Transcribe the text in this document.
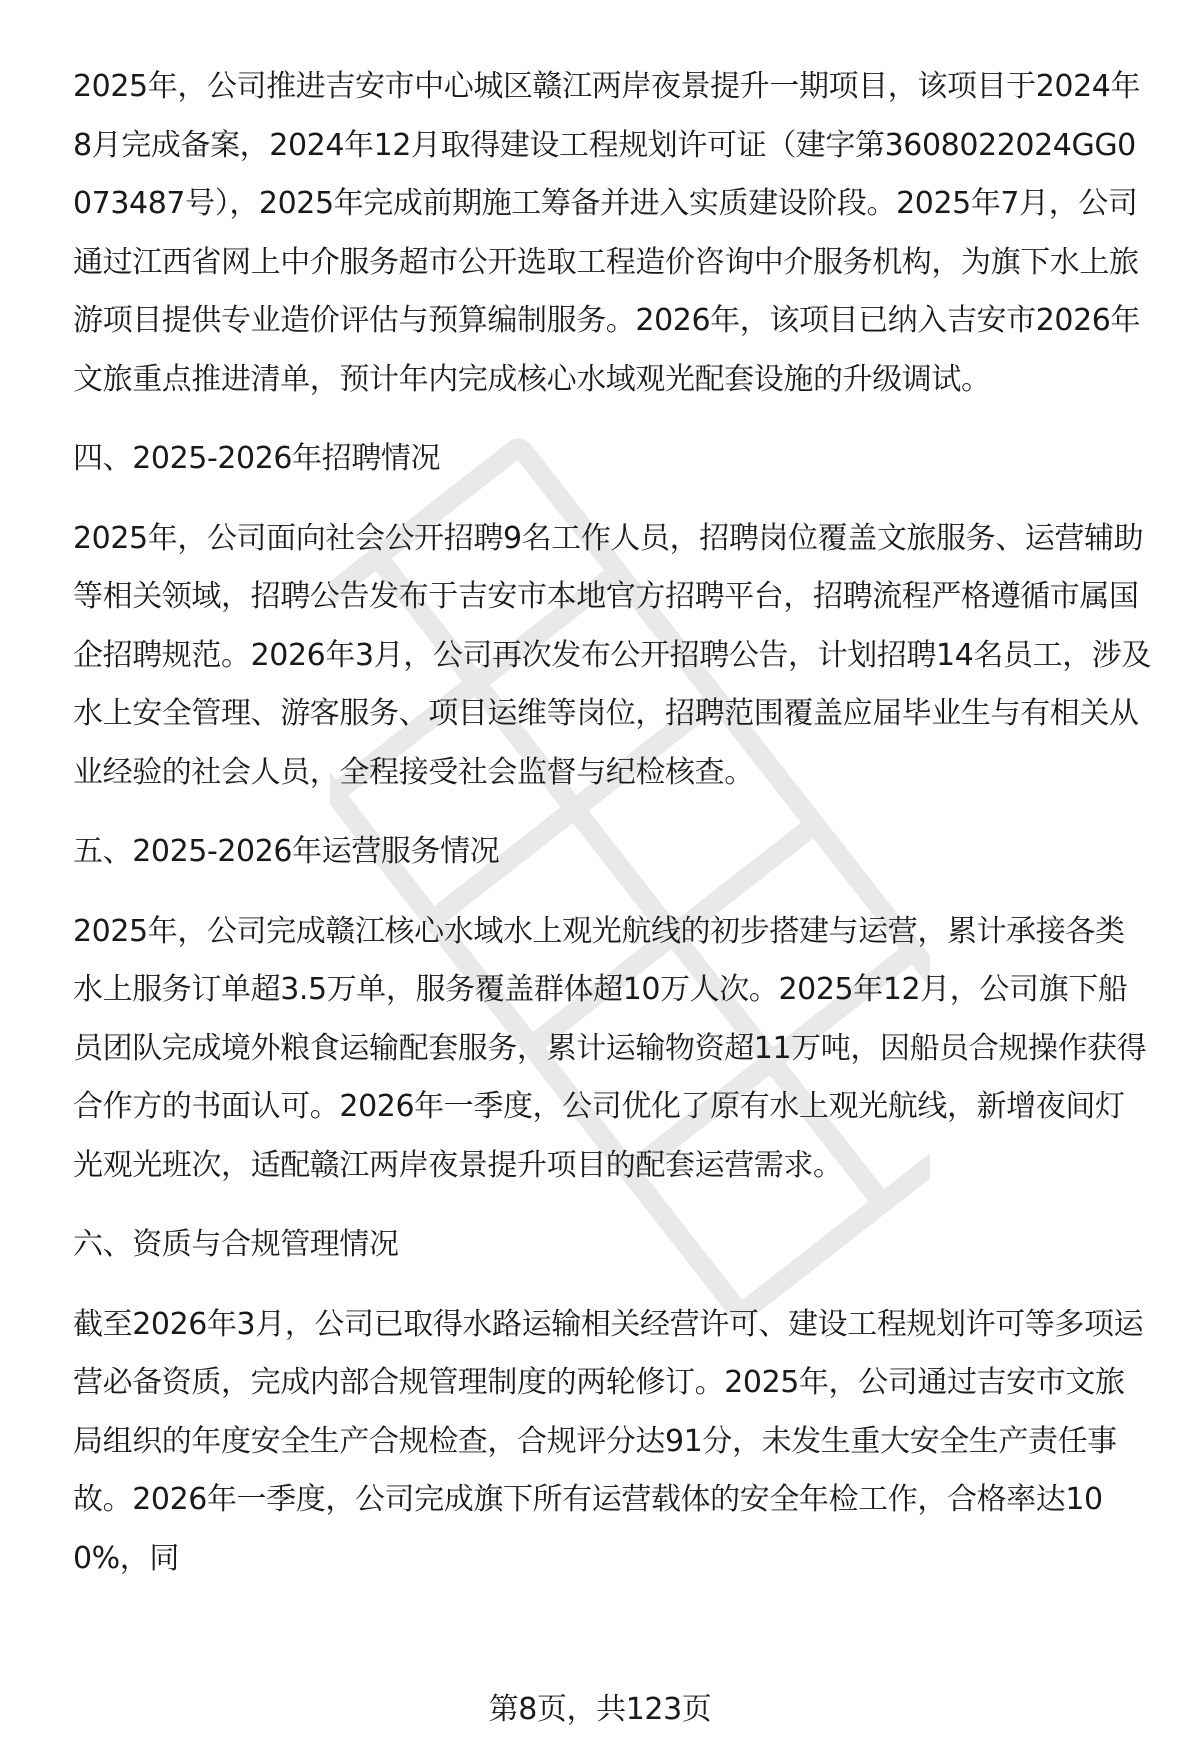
2025年，公司推进吉安市中心城区赣江两岸夜景提升一期项目，该项目于2024年8月完成备案，2024年12月取得建设工程规划许可证（建字第3608022024GG0073487号），2025年完成前期施工筹备并进入实质建设阶段。2025年7月，公司通过江西省网上中介服务超市公开选取工程造价咨询中介服务机构，为旗下水上旅游项目提供专业造价评估与预算编制服务。2026年，该项目已纳入吉安市2026年文旅重点推进清单，预计年内完成核心水域观光配套设施的升级调试。

四、2025-2026年招聘情况

2025年，公司面向社会公开招聘9名工作人员，招聘岗位覆盖文旅服务、运营辅助等相关领域，招聘公告发布于吉安市本地官方招聘平台，招聘流程严格遵循市属国企招聘规范。2026年3月，公司再次发布公开招聘公告，计划招聘14名员工，涉及水上安全管理、游客服务、项目运维等岗位，招聘范围覆盖应届毕业生与有相关从业经验的社会人员，全程接受社会监督与纪检核查。

五、2025-2026年运营服务情况

2025年，公司完成赣江核心水域水上观光航线的初步搭建与运营，累计承接各类水上服务订单超3.5万单，服务覆盖群体超10万人次。2025年12月，公司旗下船员团队完成境外粮食运输配套服务，累计运输物资超11万吨，因船员合规操作获得合作方的书面认可。2026年一季度，公司优化了原有水上观光航线，新增夜间灯光观光班次，适配赣江两岸夜景提升项目的配套运营需求。

六、资质与合规管理情况

截至2026年3月，公司已取得水路运输相关经营许可、建设工程规划许可等多项运营必备资质，完成内部合规管理制度的两轮修订。2025年，公司通过吉安市文旅局组织的年度安全生产合规检查，合规评分达91分，未发生重大安全生产责任事故。2026年一季度，公司完成旗下所有运营载体的安全年检工作，合格率达100%，同

第8页，共123页
